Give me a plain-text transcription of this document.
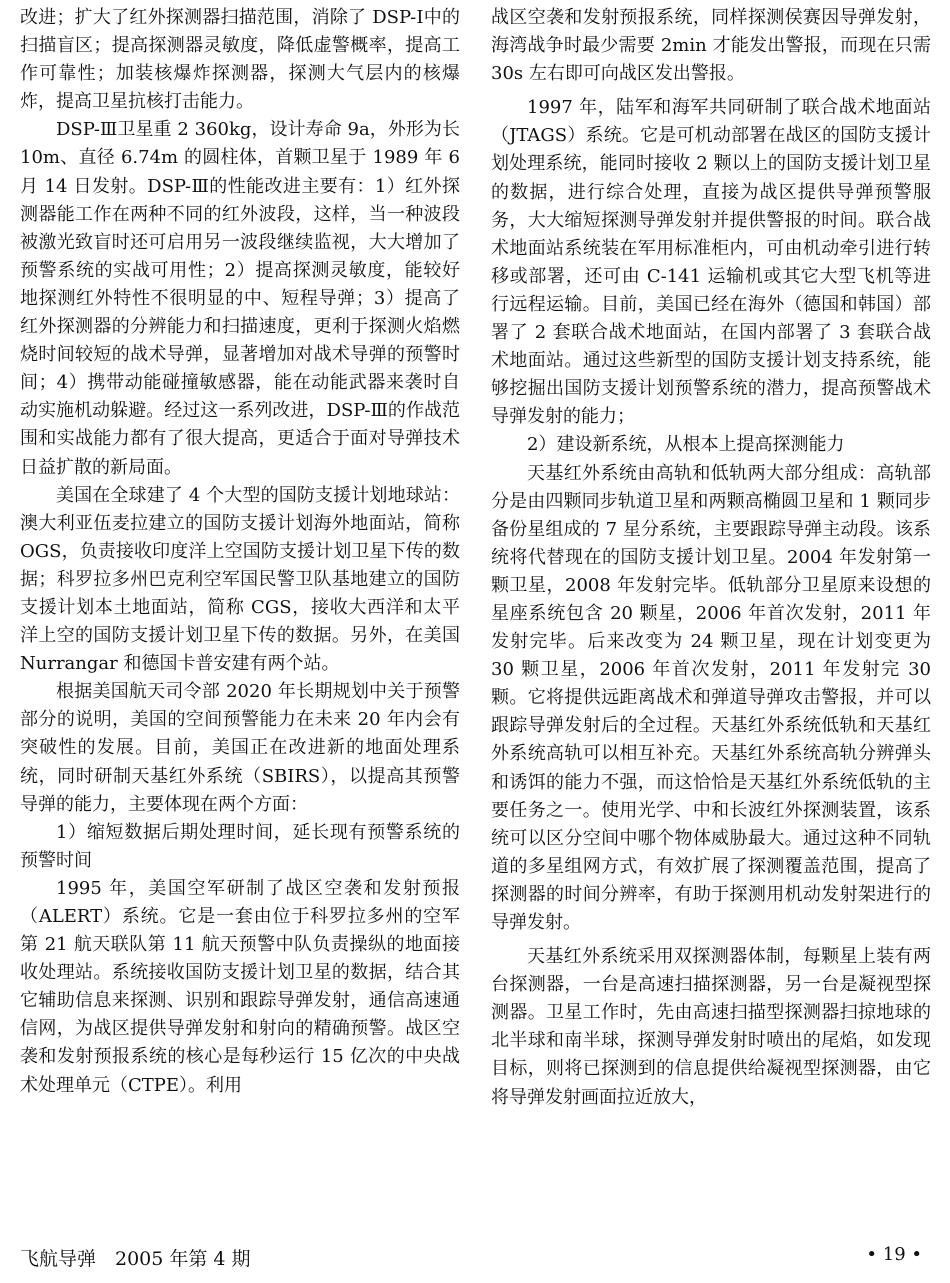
改进；扩大了红外探测器扫描范围，消除了 DSP-Ⅰ中的扫描盲区；提高探测器灵敏度，降低虚警概率，提高工作可靠性；加装核爆炸探测器，探测大气层内的核爆炸，提高卫星抗核打击能力。

DSP-Ⅲ卫星重 2 360kg，设计寿命 9a，外形为长 10m、直径 6.74m 的圆柱体，首颗卫星于 1989 年 6 月 14 日发射。DSP-Ⅲ的性能改进主要有：1）红外探测器能工作在两种不同的红外波段，这样，当一种波段被激光致盲时还可启用另一波段继续监视，大大增加了预警系统的实战可用性；2）提高探测灵敏度，能较好地探测红外特性不很明显的中、短程导弹；3）提高了红外探测器的分辨能力和扫描速度，更利于探测火焰燃烧时间较短的战术导弹，显著增加对战术导弹的预警时间；4）携带动能碰撞敏感器，能在动能武器来袭时自动实施机动躲避。经过这一系列改进，DSP-Ⅲ的作战范围和实战能力都有了很大提高，更适合于面对导弹技术日益扩散的新局面。

美国在全球建了 4 个大型的国防支援计划地球站：澳大利亚伍麦拉建立的国防支援计划海外地面站，简称 OGS，负责接收印度洋上空国防支援计划卫星下传的数据；科罗拉多州巴克利空军国民警卫队基地建立的国防支援计划本土地面站，简称 CGS，接收大西洋和太平洋上空的国防支援计划卫星下传的数据。另外，在美国 Nurrangar 和德国卡普安建有两个站。

根据美国航天司令部 2020 年长期规划中关于预警部分的说明，美国的空间预警能力在未来 20 年内会有突破性的发展。目前，美国正在改进新的地面处理系统，同时研制天基红外系统（SBIRS），以提高其预警导弹的能力，主要体现在两个方面：

1）缩短数据后期处理时间，延长现有预警系统的预警时间

1995 年，美国空军研制了战区空袭和发射预报（ALERT）系统。它是一套由位于科罗拉多州的空军第 21 航天联队第 11 航天预警中队负责操纵的地面接收处理站。系统接收国防支援计划卫星的数据，结合其它辅助信息来探测、识别和跟踪导弹发射，通信高速通信网，为战区提供导弹发射和射向的精确预警。战区空袭和发射预报系统的核心是每秒运行 15 亿次的中央战术处理单元（CTPE）。利用

战区空袭和发射预报系统，同样探测侯赛因导弹发射，海湾战争时最少需要 2min 才能发出警报，而现在只需 30s 左右即可向战区发出警报。

1997 年，陆军和海军共同研制了联合战术地面站（JTAGS）系统。它是可机动部署在战区的国防支援计划处理系统，能同时接收 2 颗以上的国防支援计划卫星的数据，进行综合处理，直接为战区提供导弹预警服务，大大缩短探测导弹发射并提供警报的时间。联合战术地面站系统装在军用标准柜内，可由机动牵引进行转移或部署，还可由 C-141 运输机或其它大型飞机等进行远程运输。目前，美国已经在海外（德国和韩国）部署了 2 套联合战术地面站，在国内部署了 3 套联合战术地面站。通过这些新型的国防支援计划支持系统，能够挖掘出国防支援计划预警系统的潜力，提高预警战术导弹发射的能力；

2）建设新系统，从根本上提高探测能力

天基红外系统由高轨和低轨两大部分组成：高轨部分是由四颗同步轨道卫星和两颗高椭圆卫星和 1 颗同步备份星组成的 7 星分系统，主要跟踪导弹主动段。该系统将代替现在的国防支援计划卫星。2004 年发射第一颗卫星，2008 年发射完毕。低轨部分卫星原来设想的星座系统包含 20 颗星，2006 年首次发射，2011 年发射完毕。后来改变为 24 颗卫星，现在计划变更为 30 颗卫星，2006 年首次发射，2011 年发射完 30 颗。它将提供远距离战术和弹道导弹攻击警报，并可以跟踪导弹发射后的全过程。天基红外系统低轨和天基红外系统高轨可以相互补充。天基红外系统高轨分辨弹头和诱饵的能力不强，而这恰恰是天基红外系统低轨的主要任务之一。使用光学、中和长波红外探测装置，该系统可以区分空间中哪个物体威胁最大。通过这种不同轨道的多星组网方式，有效扩展了探测覆盖范围，提高了探测器的时间分辨率，有助于探测用机动发射架进行的导弹发射。

天基红外系统采用双探测器体制，每颗星上装有两台探测器，一台是高速扫描探测器，另一台是凝视型探测器。卫星工作时，先由高速扫描型探测器扫掠地球的北半球和南半球，探测导弹发射时喷出的尾焰，如发现目标，则将已探测到的信息提供给凝视型探测器，由它将导弹发射画面拉近放大，

飞航导弹　2005 年第 4 期	• 19 •
